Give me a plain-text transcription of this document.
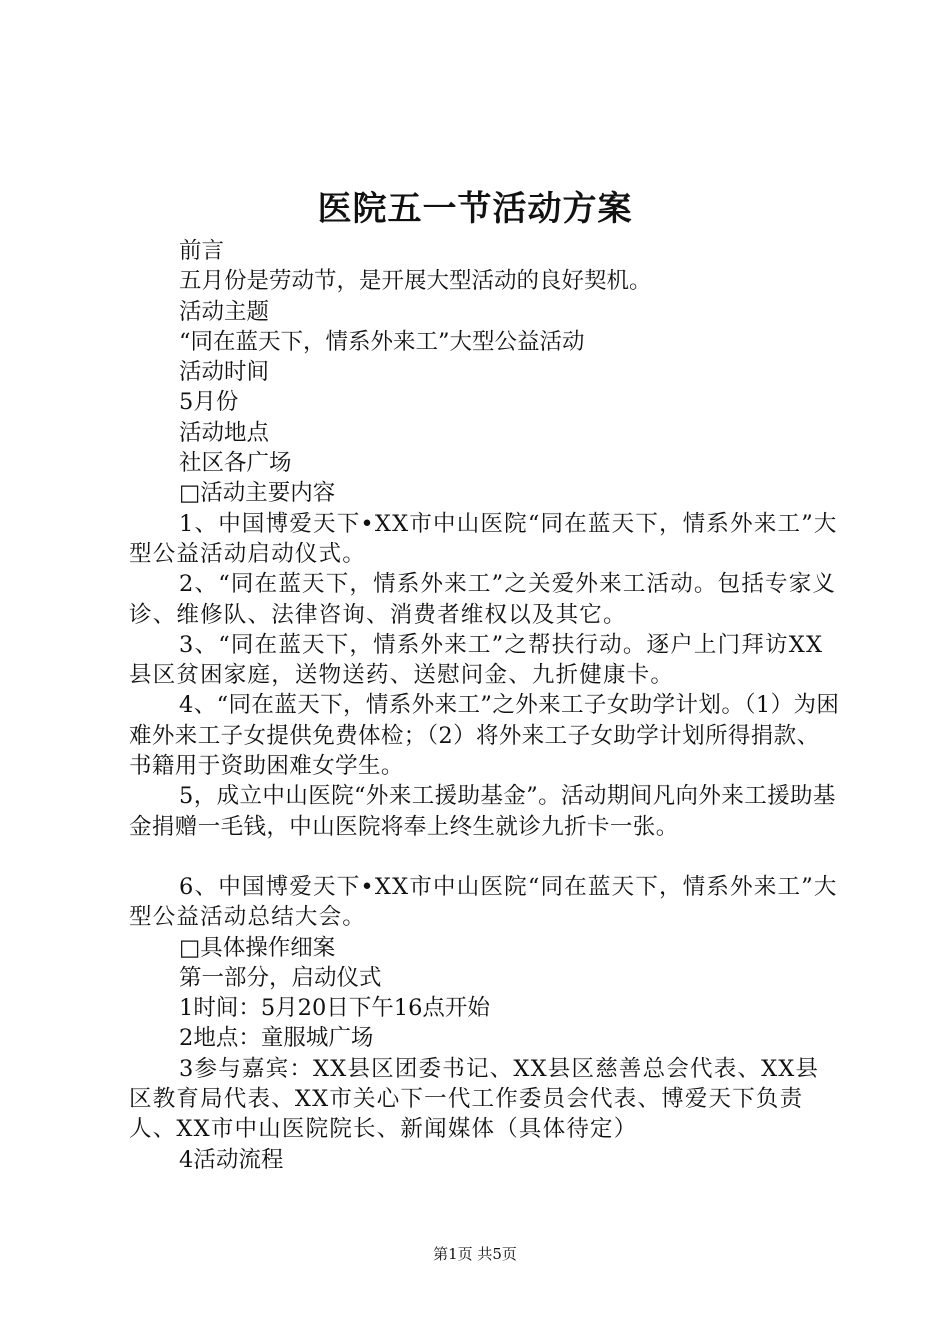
医院五一节活动方案

前言

五月份是劳动节，是开展大型活动的良好契机。

活动主题

“同在蓝天下，情系外来工”大型公益活动

活动时间

5月份

活动地点

社区各广场

□活动主要内容

1、中国博爱天下•XX市中山医院“同在蓝天下，情系外来工”大型公益活动启动仪式。

2、“同在蓝天下，情系外来工”之关爱外来工活动。包括专家义诊、维修队、法律咨询、消费者维权以及其它。

3、“同在蓝天下，情系外来工”之帮扶行动。逐户上门拜访XX县区贫困家庭，送物送药、送慰问金、九折健康卡。

4、“同在蓝天下，情系外来工”之外来工子女助学计划。（1）为困难外来工子女提供免费体检；（2）将外来工子女助学计划所得捐款、书籍用于资助困难女学生。

5，成立中山医院“外来工援助基金”。活动期间凡向外来工援助基金捐赠一毛钱，中山医院将奉上终生就诊九折卡一张。

6、中国博爱天下•XX市中山医院“同在蓝天下，情系外来工”大型公益活动总结大会。

□具体操作细案

第一部分，启动仪式

1时间：5月20日下午16点开始

2地点：童服城广场

3参与嘉宾：XX县区团委书记、XX县区慈善总会代表、XX县区教育局代表、XX市关心下一代工作委员会代表、博爱天下负责人、XX市中山医院院长、新闻媒体（具体待定）

4活动流程

第1页 共5页
